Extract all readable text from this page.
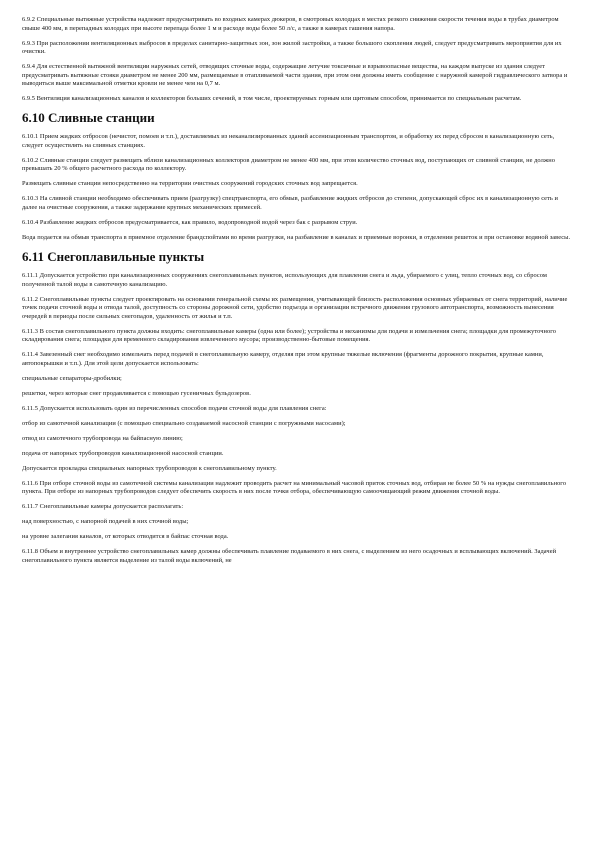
6.9.2 Специальные вытяжные устройства надлежит предусматривать во входных камерах дюкеров, в смотровых колодцах в местах резкого снижения скорости течения воды в трубах диаметром свыше 400 мм, в перепадных колодцах при высоте перепада более 1 м и расходе воды более 50 л/с, а также в камерах гашения напора.

6.9.3 При расположении вентиляционных выбросов в пределах санитарно-защитных зон, зон жилой застройки, а также большого скопления людей, следует предусматривать мероприятия для их очистки.

6.9.4 Для естественной вытяжной вентиляции наружных сетей, отводящих сточные воды, содержащие летучие токсичные и взрывоопасные вещества, на каждом выпуске из здания следует предусматривать вытяжные стояки диаметром не менее 200 мм, размещаемые в отапливаемой части здания, при этом они должны иметь сообщение с наружной камерой гидравлического затвора и выводиться выше максимальной отметки кровли не менее чем на 0,7 м.

6.9.5 Вентиляция канализационных каналов и коллекторов больших сечений, в том числе, проектируемых горным или щитовым способом, принимается по специальным расчетам.

6.10 Сливные станции

6.10.1 Прием жидких отбросов (нечистот, помоев и т.п.), доставляемых из неканализированных зданий ассенизационным транспортом, и обработку их перед сбросом в канализационную сеть, следует осуществлять на сливных станциях.

6.10.2 Сливные станции следует размещать вблизи канализационных коллекторов диаметром не менее 400 мм, при этом количество сточных вод, поступающих от сливной станции, не должно превышать 20 % общего расчетного расхода по коллектору.

Размещать сливные станции непосредственно на территории очистных сооружений городских сточных вод запрещается.

6.10.3 На сливной станции необходимо обеспечивать прием (разгрузку) спецтранспорта, его обмыв, разбавление жидких отбросов до степени, допускающей сброс их в канализационную сеть и далее на очистные сооружения, а также задержание крупных механических примесей.

6.10.4 Разбавление жидких отбросов предусматривается, как правило, водопроводной водой через бак с разрывом струи.

Вода подается на обмыв транспорта в приемное отделение брандспойтами во время разгрузки, на разбавление в каналах и приемные воронки, в отделении решеток и при остановке водяной завесы.

6.11 Снегоплавильные пункты

6.11.1 Допускается устройство при канализационных сооружениях снегоплавильных пунктов, использующих для плавления снега и льда, убираемого с улиц, тепло сточных вод, со сбросом полученной талой воды в самотечную канализацию.

6.11.2 Снегоплавильные пункты следует проектировать на основании генеральной схемы их размещения, учитывающей близость расположения основных убираемых от снега территорий, наличие точек подачи сточной воды и отвода талой, доступность со стороны дорожной сети, удобство подъезда и организации встречного движения грузового автотранспорта, возможность вынесения очередей в периоды после сильных снегопадов, удаленность от жилья и т.п.

6.11.3 В состав снегоплавильного пункта должны входить: снегоплавильные камеры (одна или более); устройства и механизмы для подачи и измельчения снега; площадки для промежуточного складирования снега; площадки для временного складирования извлеченного мусора; производственно-бытовые помещения.

6.11.4 Завезенный снег необходимо измельчать перед подачей в снегоплавильную камеру, отделяя при этом крупные тяжелые включения (фрагменты дорожного покрытия, крупные камни, автопокрышки и т.п.). Для этой цели допускается использовать:

специальные сепараторы-дробилки;

решетки, через которые снег продавливается с помощью гусеничных бульдозеров.

6.11.5 Допускается использовать один из перечисленных способов подачи сточной воды для плавления снега:

отбор из самотечной канализации (с помощью специально создаваемой насосной станции с погружными насосами);

отвод из самотечного трубопровода на байпасную линию;

подача от напорных трубопроводов канализационной насосной станции.

Допускается прокладка специальных напорных трубопроводов к снегоплавильному пункту.

6.11.6 При отборе сточной воды из самотечной системы канализации надлежит проводить расчет на минимальный часовой приток сточных вод, отбирая не более 50 % на нужды снегоплавильного пункта. При отборе из напорных трубопроводов следует обеспечить скорость в них после точки отбора, обеспечивающую самоочищающий режим движения сточной воды.

6.11.7 Снегоплавильные камеры допускается располагать:

над поверхностью, с напорной подачей в них сточной воды;

на уровне залегания каналов, от которых отводится в байпас сточная вода.

6.11.8 Объем и внутреннее устройство снегоплавильных камер должны обеспечивать плавление подаваемого в них снега, с выделением из него осадочных и всплывающих включений. Задачей снегоплавильного пункта является выделение из талой воды включений, не
